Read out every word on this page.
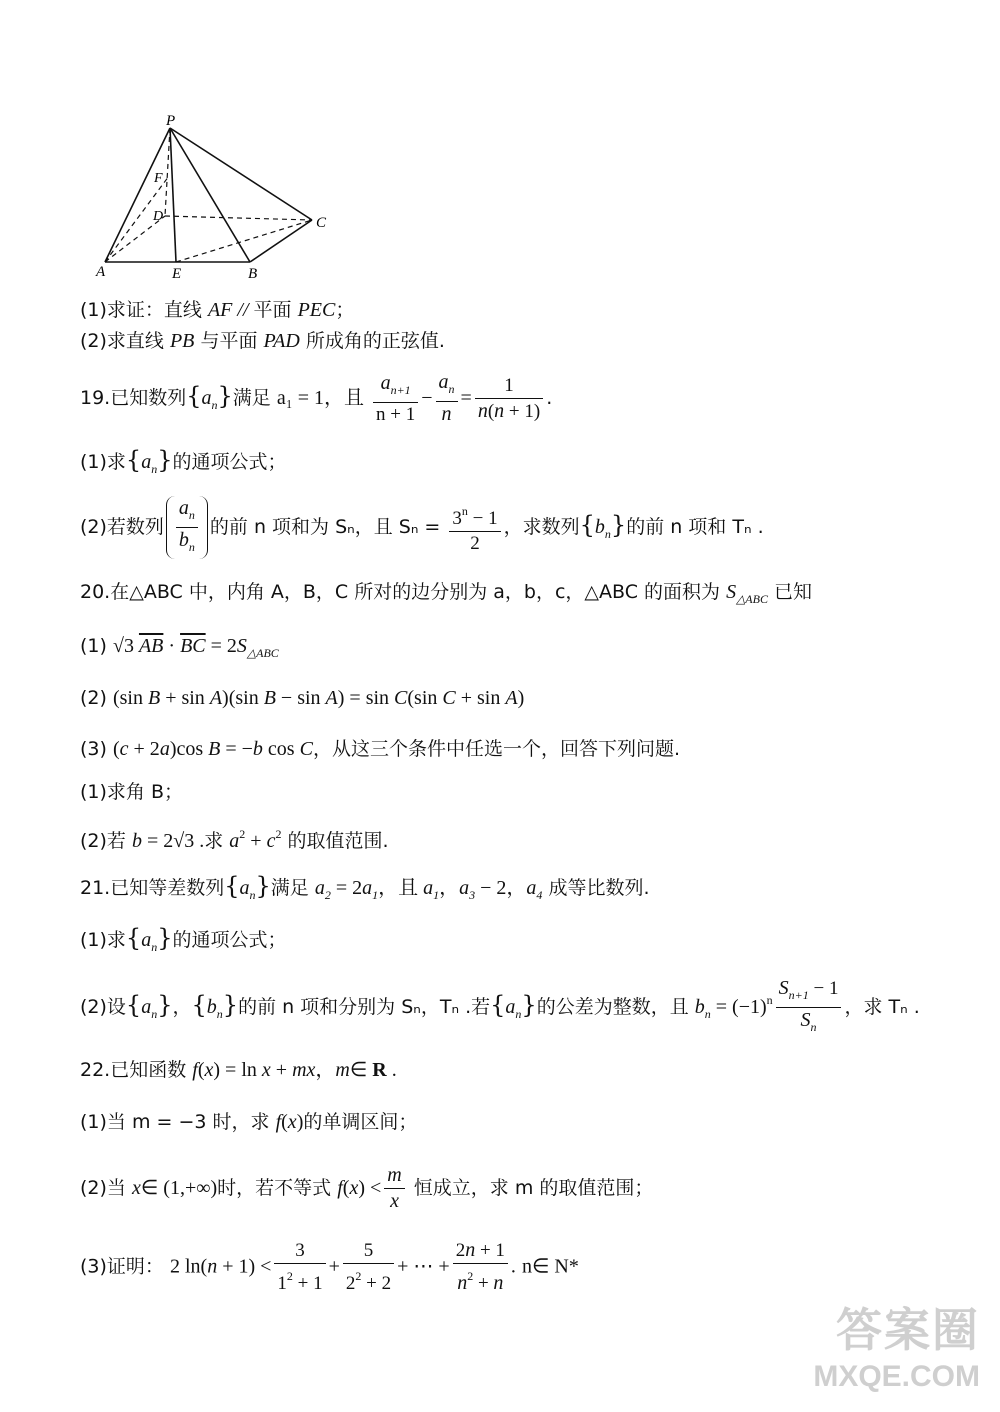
P
F
D	C
A	E	B
(1)求证：直线 AF // 平面 PEC；
(2)求直线 PB 与平面 PAD 所成角的正弦值.
19.已知数列$\{a_n\}$满足 a₁ = 1，且 $\frac{a_{n+1}}{n + 1} - \frac{a_n}{n} = \frac{1}{n(n + 1)}$ .
(1)求$\{a_n\}$的通项公式；
(2)若数列 $\frac{a_n}{b_n}$ 的前 n 项和为 Sₙ，且 $S_n = \frac{3^n - 1}{2}$ ，求数列$\{b_n\}$的前 n 项和 Tₙ .
20.在△ABC 中，内角 A，B，C 所对的边分别为 a，b，c，△ABC 的面积为 $S_{\triangle ABC}$ 已知
(1) √3 $\overline{AB} \cdot \overline{BC} = 2S_{\triangle ABC}$
(2) (sin B + sin A)(sin B − sin A) = sin C(sin C + sin A)
(3) (c + 2a)cos B = −b cos C，从这三个条件中任选一个，回答下列问题.
(1)求角 B；
(2)若 b = 2√3 .求 $a^2 + c^2$ 的取值范围.
21.已知等差数列$\{a_n\}$满足 $a_2 = 2a_1$，且 $a_1$，$a_3 - 2$，$a_4$ 成等比数列.
(1)求$\{a_n\}$的通项公式；
(2)设$\{a_n\}$，$\{b_n\}$的前 n 项和分别为 Sₙ，Tₙ .若$\{a_n\}$的公差为整数，且 $b_n = (-1)^n \frac{S_{n+1} - 1}{S_n}$ ，求 Tₙ .
22.已知函数 f(x) = ln x + mx，m∈ R .
(1)当 m = −3 时，求 f(x)的单调区间；
(2)当 x∈ (1,+∞)时，若不等式 $f(x) < \frac{m}{x}$ 恒成立，求 m 的取值范围；
(3)证明： 2 $\ln(n + 1) < \frac{3}{1^2 + 1} + \frac{5}{2^2 + 2}$ + ⋯ + $\frac{2n + 1}{n^2 + n}$ . n∈ N*
答案圈
MXQE.COM
